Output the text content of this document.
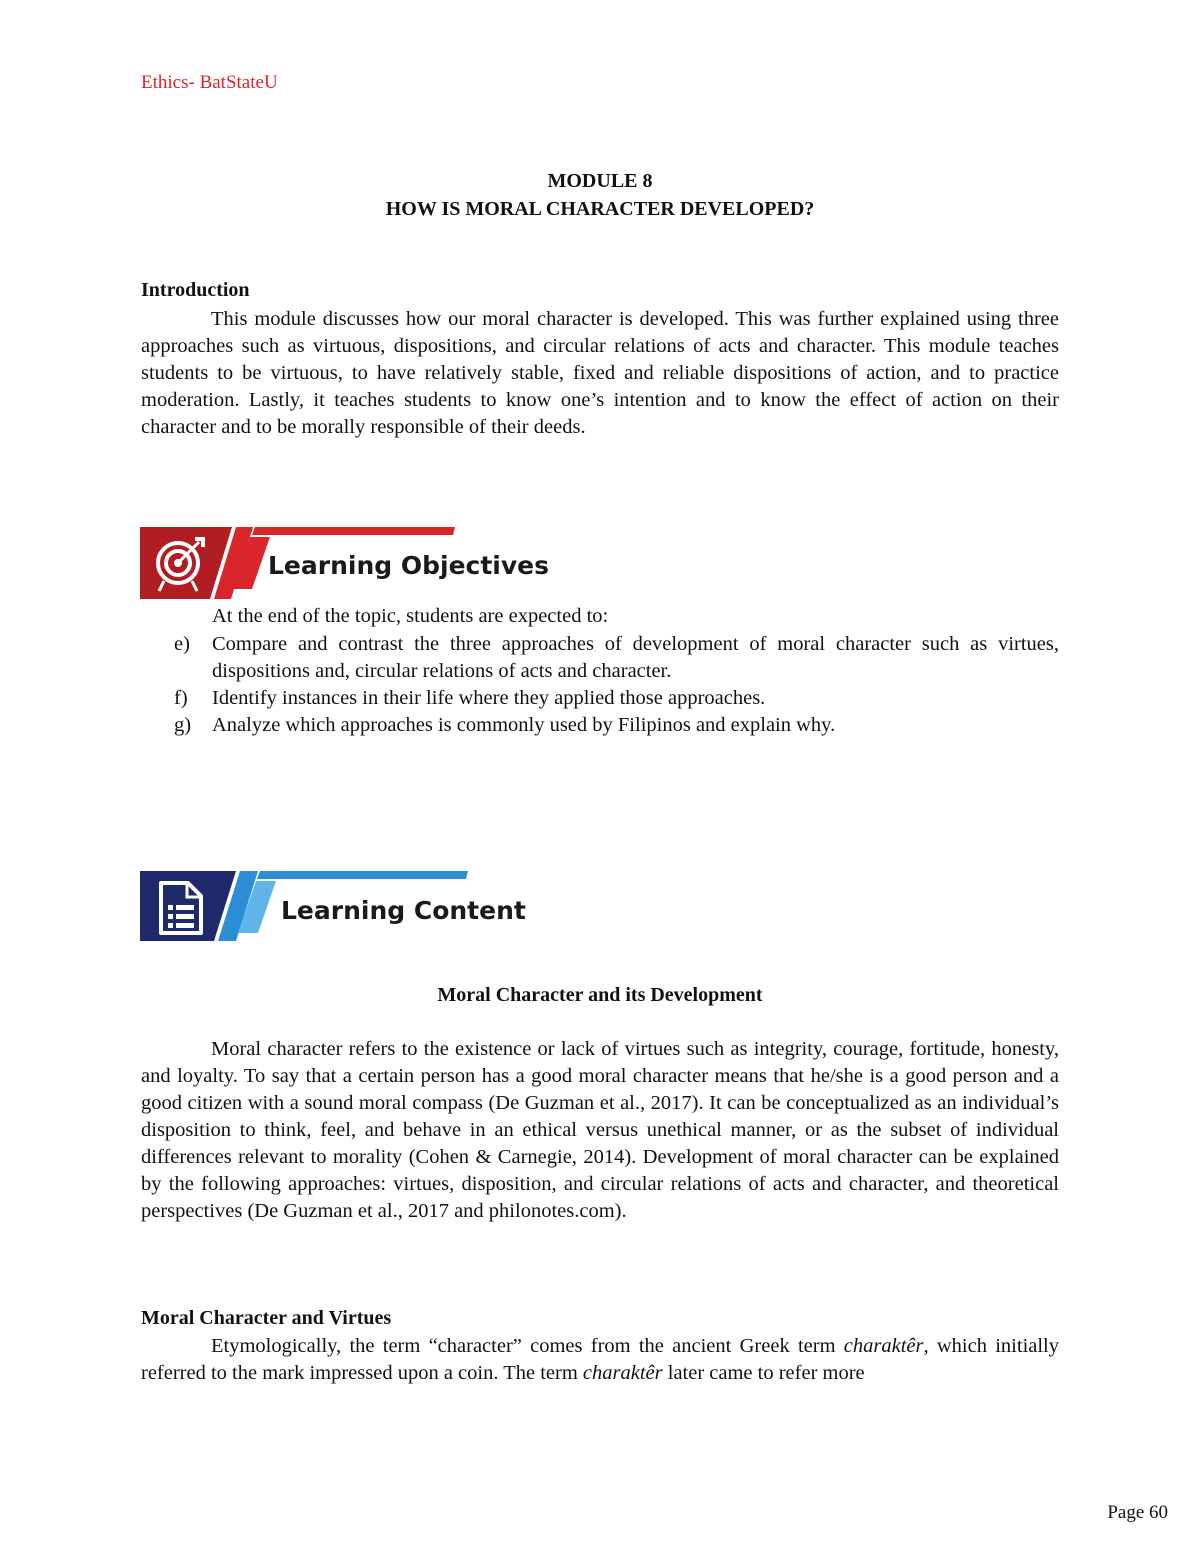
Ethics- BatStateU
MODULE 8
HOW IS MORAL CHARACTER DEVELOPED?
Introduction

This module discusses how our moral character is developed. This was further explained using three approaches such as virtuous, dispositions, and circular relations of acts and character. This module teaches students to be virtuous, to have relatively stable, fixed and reliable dispositions of action, and to practice moderation. Lastly, it teaches students to know one’s intention and to know the effect of action on their character and to be morally responsible of their deeds.

Learning Objectives
At the end of the topic, students are expected to:
e) Compare and contrast the three approaches of development of moral character such as virtues, dispositions and, circular relations of acts and character.
f) Identify instances in their life where they applied those approaches.
g) Analyze which approaches is commonly used by Filipinos and explain why.
Learning Content
Moral Character and its Development

Moral character refers to the existence or lack of virtues such as integrity, courage, fortitude, honesty, and loyalty. To say that a certain person has a good moral character means that he/she is a good person and a good citizen with a sound moral compass (De Guzman et al., 2017). It can be conceptualized as an individual’s disposition to think, feel, and behave in an ethical versus unethical manner, or as the subset of individual differences relevant to morality (Cohen & Carnegie, 2014). Development of moral character can be explained by the following approaches: virtues, disposition, and circular relations of acts and character, and theoretical perspectives (De Guzman et al., 2017 and philonotes.com).

Moral Character and Virtues

Etymologically, the term “character” comes from the ancient Greek term charaktêr, which initially referred to the mark impressed upon a coin. The term charaktêr later came to refer more

Page 60
